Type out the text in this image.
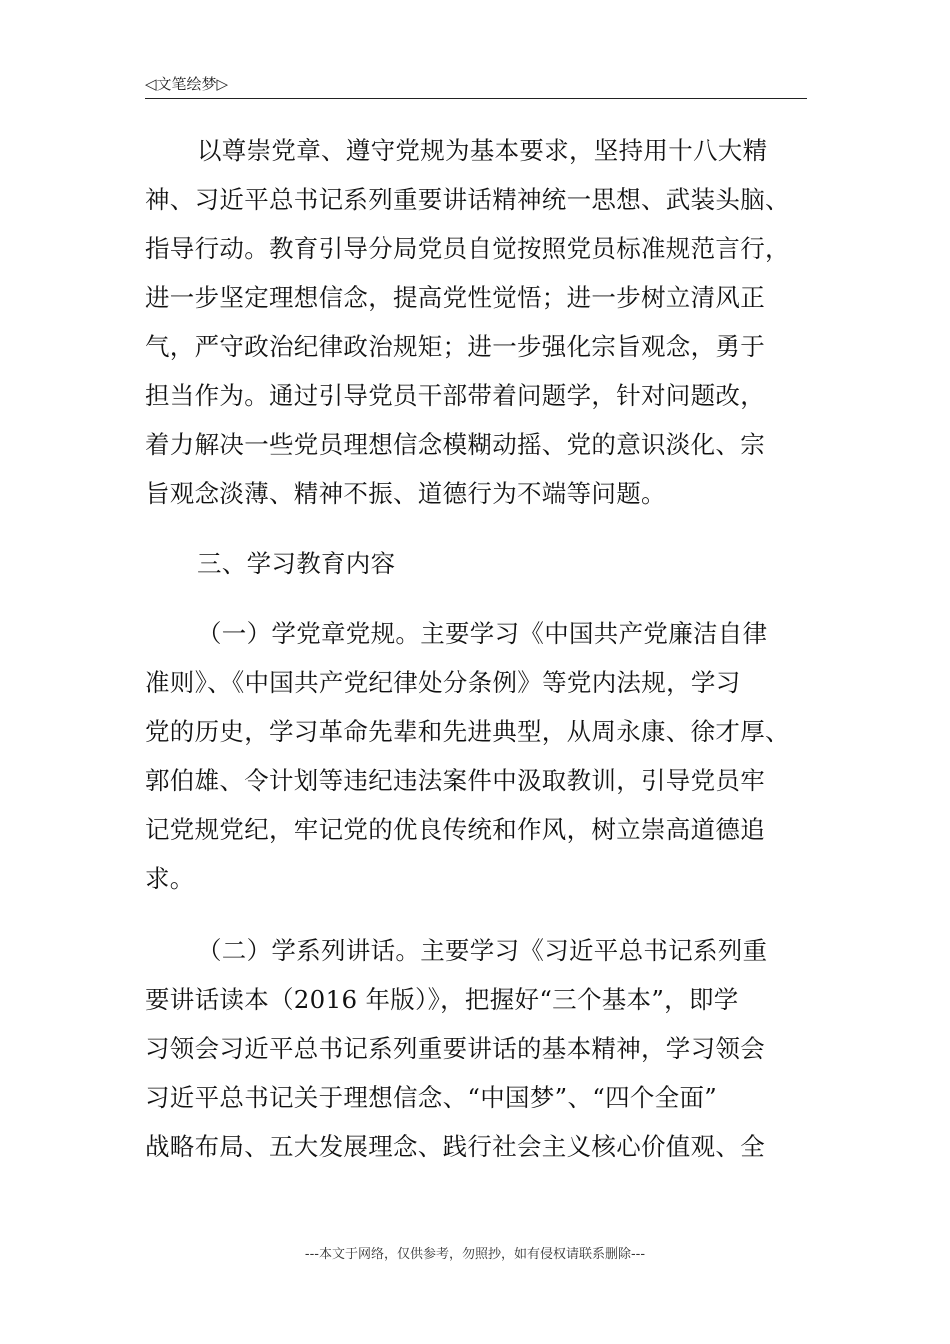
◁文笔绘梦▷
以尊崇党章、遵守党规为基本要求，坚持用十八大精
神、习近平总书记系列重要讲话精神统一思想、武装头脑、
指导行动。教育引导分局党员自觉按照党员标准规范言行，
进一步坚定理想信念，提高党性觉悟；进一步树立清风正
气，严守政治纪律政治规矩；进一步强化宗旨观念，勇于
担当作为。通过引导党员干部带着问题学，针对问题改，
着力解决一些党员理想信念模糊动摇、党的意识淡化、宗
旨观念淡薄、精神不振、道德行为不端等问题。
三、学习教育内容
（一）学党章党规。主要学习《中国共产党廉洁自律
准则》、《中国共产党纪律处分条例》等党内法规，学习
党的历史，学习革命先辈和先进典型，从周永康、徐才厚、
郭伯雄、令计划等违纪违法案件中汲取教训，引导党员牢
记党规党纪，牢记党的优良传统和作风，树立崇高道德追
求。
（二）学系列讲话。主要学习《习近平总书记系列重
要讲话读本（2016 年版）》，把握好“三个基本”，即学
习领会习近平总书记系列重要讲话的基本精神，学习领会
习近平总书记关于理想信念、“中国梦”、“四个全面”
战略布局、五大发展理念、践行社会主义核心价值观、全
---本文于网络，仅供参考，勿照抄，如有侵权请联系删除---
